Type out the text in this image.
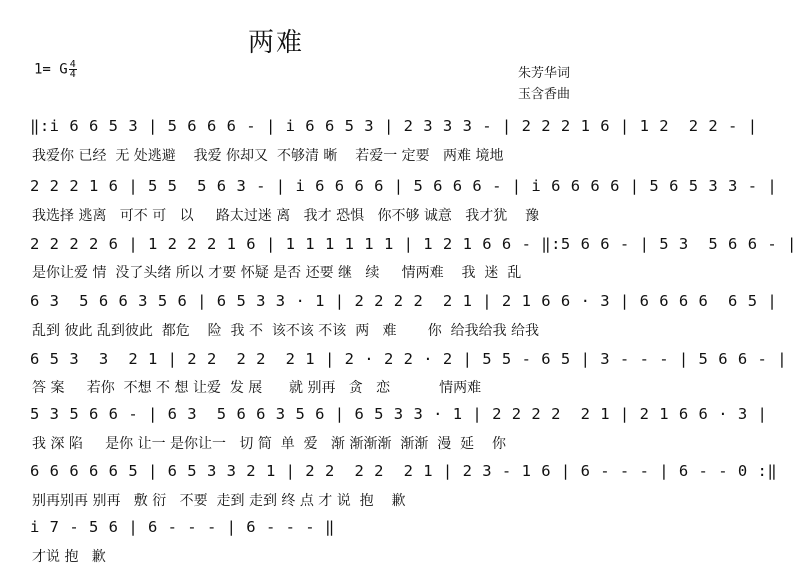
两难
1= G $\frac{4}{4}$	朱芳华词
玉含香曲
‖:i 6 6 5 3 | 5 6 6 6 - | i 6 6 5 3 | 2 3 3 3 - | 2 2 2 1 6 | 1 2  2 2 - |
我爱你 已经  无 处逃避    我爱 你却又  不够清 晰    若爱一 定要   两难 境地
2 2 2 1 6 | 5 5  5 6 3 - | i 6 6 6 6 | 5 6 6 6 - | i 6 6 6 6 | 5 6 5 3 3 - |
我选择 逃离   可不 可   以     路太过迷 离   我才 恐惧   你不够 诚意   我才犹    豫
2 2 2 2 6 | 1 2 2 2 1 6 | 1 1 1 1 1 1 | 1 2 1 6 6 - ‖:5 6 6 - | 5 3  5 6 6 - |
是你让爱 情  没了头绪 所以 才要 怀疑 是否 还要 继   续     情两难    我  迷  乱
6 3  5 6 6 3 5 6 | 6 5 3 3 · 1 | 2 2 2 2  2 1 | 2 1 6 6 · 3 | 6 6 6 6  6 5 |
乱到 彼此 乱到彼此  都危    险  我 不  该不该 不该  两   难       你  给我给我 给我
6 5 3  3  2 1 | 2 2  2 2  2 1 | 2 · 2 2 · 2 | 5 5 - 6 5 | 3 - - - | 5 6 6 - |
答 案     若你  不想 不 想 让爱  发 展      就 别再   贪   恋           情两难
5 3 5 6 6 - | 6 3  5 6 6 3 5 6 | 6 5 3 3 · 1 | 2 2 2 2  2 1 | 2 1 6 6 · 3 |
我 深 陷     是你 让一 是你让一   切 简  单  爱   渐 渐渐渐  渐渐  漫  延    你
6 6 6 6 6 5 | 6 5 3 3 2 1 | 2 2  2 2  2 1 | 2 3 - 1 6 | 6 - - - | 6 - - 0 :‖
别再别再 别再   敷 衍   不要  走到 走到 终 点 才 说  抱    歉
i 7 - 5 6 | 6 - - - | 6 - - - ‖
才说 抱   歉
